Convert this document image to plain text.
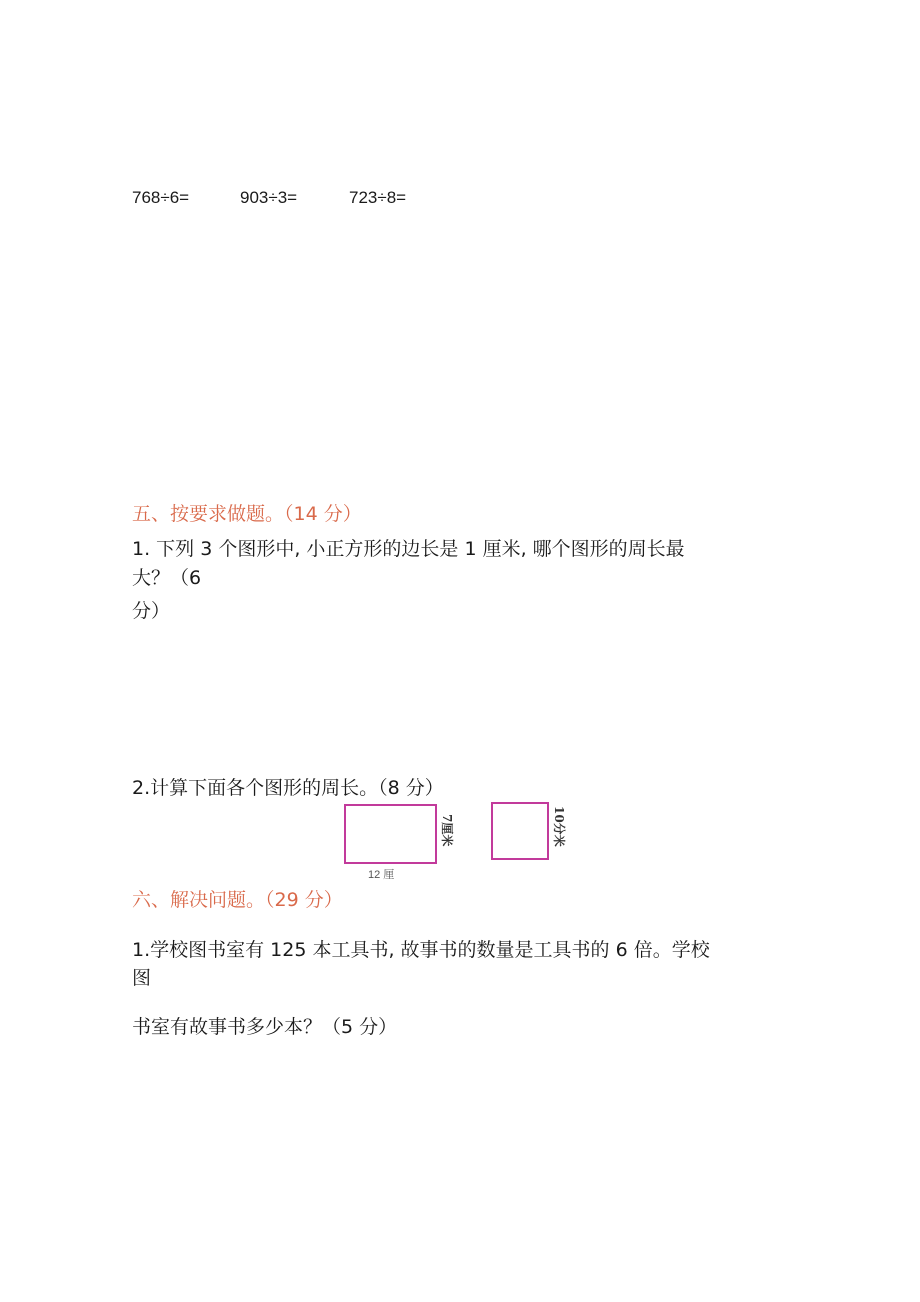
768÷6=	903÷3=	723÷8=
五、按要求做题。（14 分）
1. 下列 3 个图形中, 小正方形的边长是 1 厘米, 哪个图形的周长最
大？（6
分）
2.计算下面各个图形的周长。（8 分）
7厘米
12 厘
10分米
六、解决问题。（29 分）
1.学校图书室有 125 本工具书, 故事书的数量是工具书的 6 倍。学校
图
书室有故事书多少本？（5 分）
